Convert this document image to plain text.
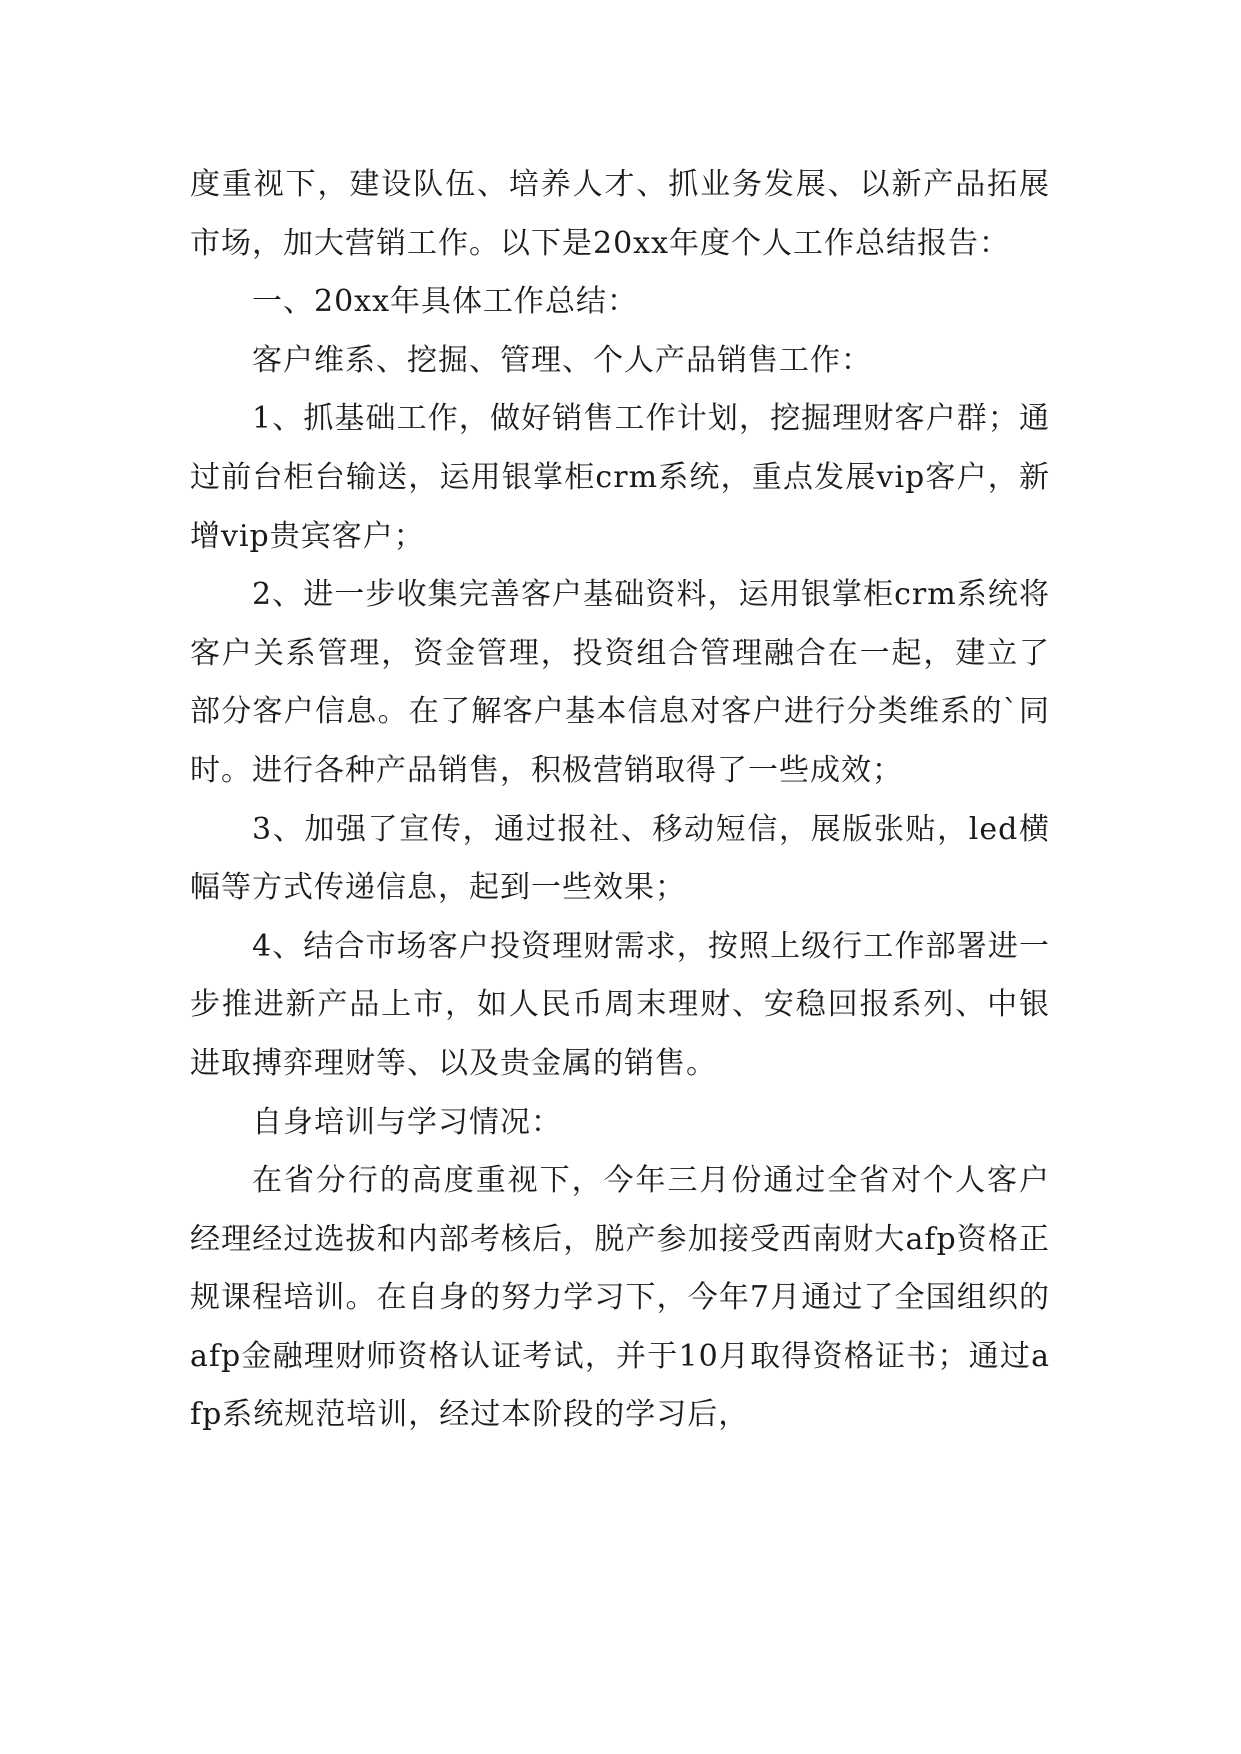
度重视下，建设队伍、培养人才、抓业务发展、以新产品拓展市场，加大营销工作。以下是20xx年度个人工作总结报告：

一、20xx年具体工作总结：

客户维系、挖掘、管理、个人产品销售工作：

1、抓基础工作，做好销售工作计划，挖掘理财客户群；通过前台柜台输送，运用银掌柜crm系统，重点发展vip客户，新增vip贵宾客户；

2、进一步收集完善客户基础资料，运用银掌柜crm系统将客户关系管理，资金管理，投资组合管理融合在一起，建立了部分客户信息。在了解客户基本信息对客户进行分类维系的`同时。进行各种产品销售，积极营销取得了一些成效；

3、加强了宣传，通过报社、移动短信，展版张贴，led横幅等方式传递信息，起到一些效果；

4、结合市场客户投资理财需求，按照上级行工作部署进一步推进新产品上市，如人民币周末理财、安稳回报系列、中银进取搏弈理财等、以及贵金属的销售。

自身培训与学习情况：

在省分行的高度重视下，今年三月份通过全省对个人客户经理经过选拔和内部考核后，脱产参加接受西南财大afp资格正规课程培训。在自身的努力学习下，今年7月通过了全国组织的afp金融理财师资格认证考试，并于10月取得资格证书；通过afp系统规范培训，经过本阶段的学习后，
